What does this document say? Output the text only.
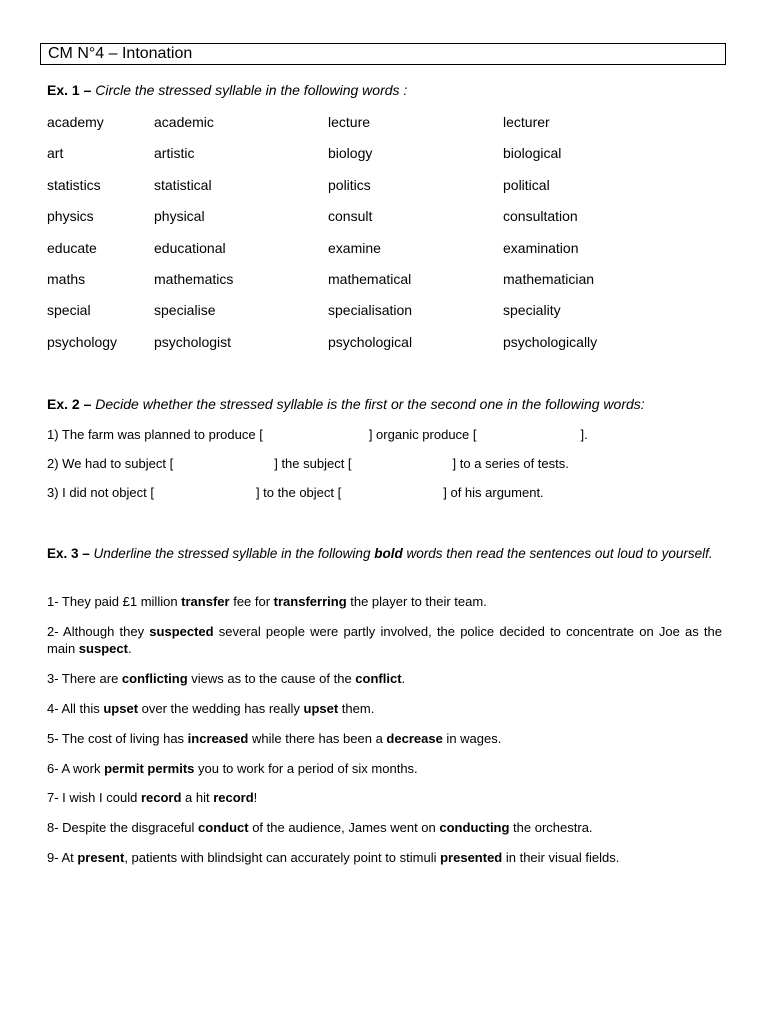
CM N°4 – Intonation
Ex. 1 – Circle the stressed syllable in the following words :
academy	academic	lecture	lecturer
art	artistic	biology	biological
statistics	statistical	politics	political
physics	physical	consult	consultation
educate	educational	examine	examination
maths	mathematics	mathematical	mathematician
special	specialise	specialisation	speciality
psychology	psychologist	psychological	psychologically
Ex. 2 – Decide whether the stressed syllable is the first or the second one in the following words:
1) The farm was planned to produce [	] organic produce [	].
2) We had to subject [	] the subject [	] to a series of tests.
3) I did not object [	] to the object [	] of his argument.
Ex. 3 – Underline the stressed syllable in the following bold words then read the sentences out loud to yourself.
1- They paid £1 million transfer fee for transferring the player to their team.
2- Although they suspected several people were partly involved, the police decided to concentrate on Joe as the main suspect.
3- There are conflicting views as to the cause of the conflict.
4- All this upset over the wedding has really upset them.
5- The cost of living has increased while there has been a decrease in wages.
6- A work permit permits you to work for a period of six months.
7- I wish I could record a hit record!
8- Despite the disgraceful conduct of the audience, James went on conducting the orchestra.
9- At present, patients with blindsight can accurately point to stimuli presented in their visual fields.
